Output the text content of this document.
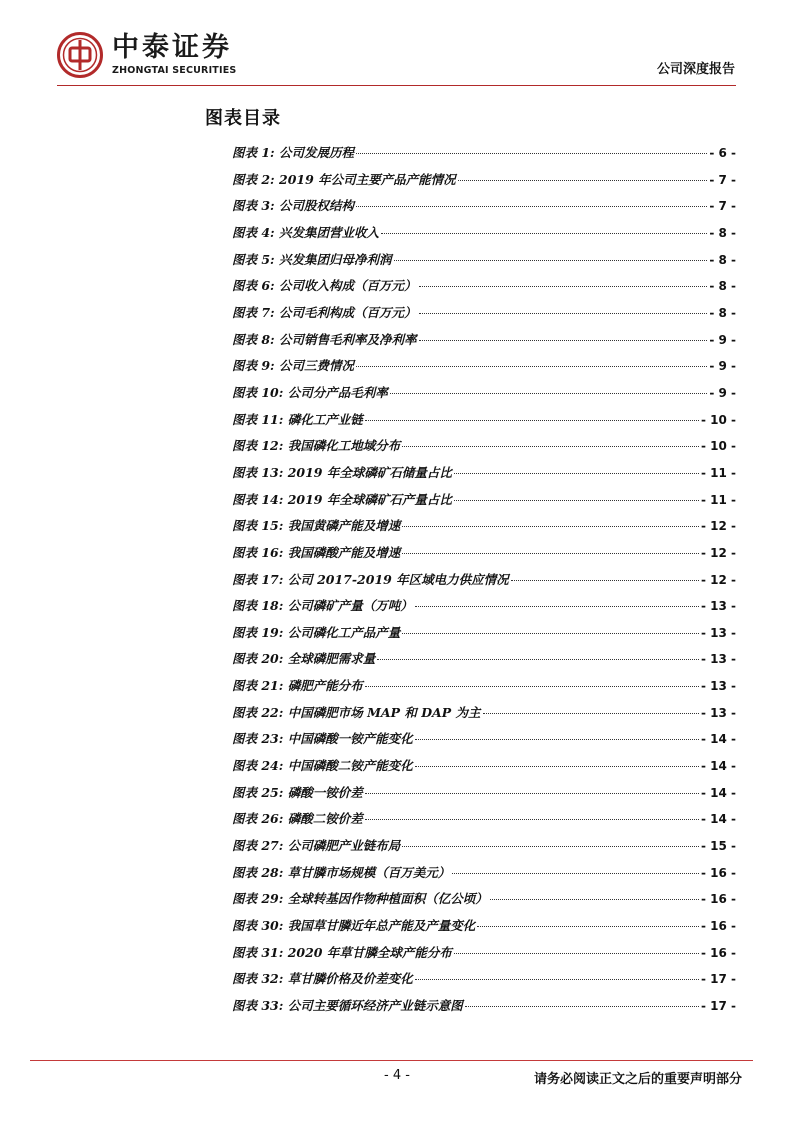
中泰证券
ZHONGTAI SECURITIES	公司深度报告
图表目录
图表 1: 公司发展历程	- 6 -
图表 2: 2019 年公司主要产品产能情况	- 7 -
图表 3: 公司股权结构	- 7 -
图表 4: 兴发集团营业收入	- 8 -
图表 5: 兴发集团归母净利润	- 8 -
图表 6: 公司收入构成（百万元）	- 8 -
图表 7: 公司毛利构成（百万元）	- 8 -
图表 8: 公司销售毛利率及净利率	- 9 -
图表 9: 公司三费情况	- 9 -
图表 10: 公司分产品毛利率	- 9 -
图表 11: 磷化工产业链	- 10 -
图表 12: 我国磷化工地域分布	- 10 -
图表 13: 2019 年全球磷矿石储量占比	- 11 -
图表 14: 2019 年全球磷矿石产量占比	- 11 -
图表 15: 我国黄磷产能及增速	- 12 -
图表 16: 我国磷酸产能及增速	- 12 -
图表 17: 公司 2017-2019 年区域电力供应情况	- 12 -
图表 18: 公司磷矿产量（万吨）	- 13 -
图表 19: 公司磷化工产品产量	- 13 -
图表 20: 全球磷肥需求量	- 13 -
图表 21: 磷肥产能分布	- 13 -
图表 22: 中国磷肥市场 MAP 和 DAP 为主	- 13 -
图表 23: 中国磷酸一铵产能变化	- 14 -
图表 24: 中国磷酸二铵产能变化	- 14 -
图表 25: 磷酸一铵价差	- 14 -
图表 26: 磷酸二铵价差	- 14 -
图表 27: 公司磷肥产业链布局	- 15 -
图表 28: 草甘膦市场规模（百万美元）	- 16 -
图表 29: 全球转基因作物种植面积（亿公顷）	- 16 -
图表 30: 我国草甘膦近年总产能及产量变化	- 16 -
图表 31: 2020 年草甘膦全球产能分布	- 16 -
图表 32: 草甘膦价格及价差变化	- 17 -
图表 33: 公司主要循环经济产业链示意图	- 17 -
- 4 -	请务必阅读正文之后的重要声明部分
